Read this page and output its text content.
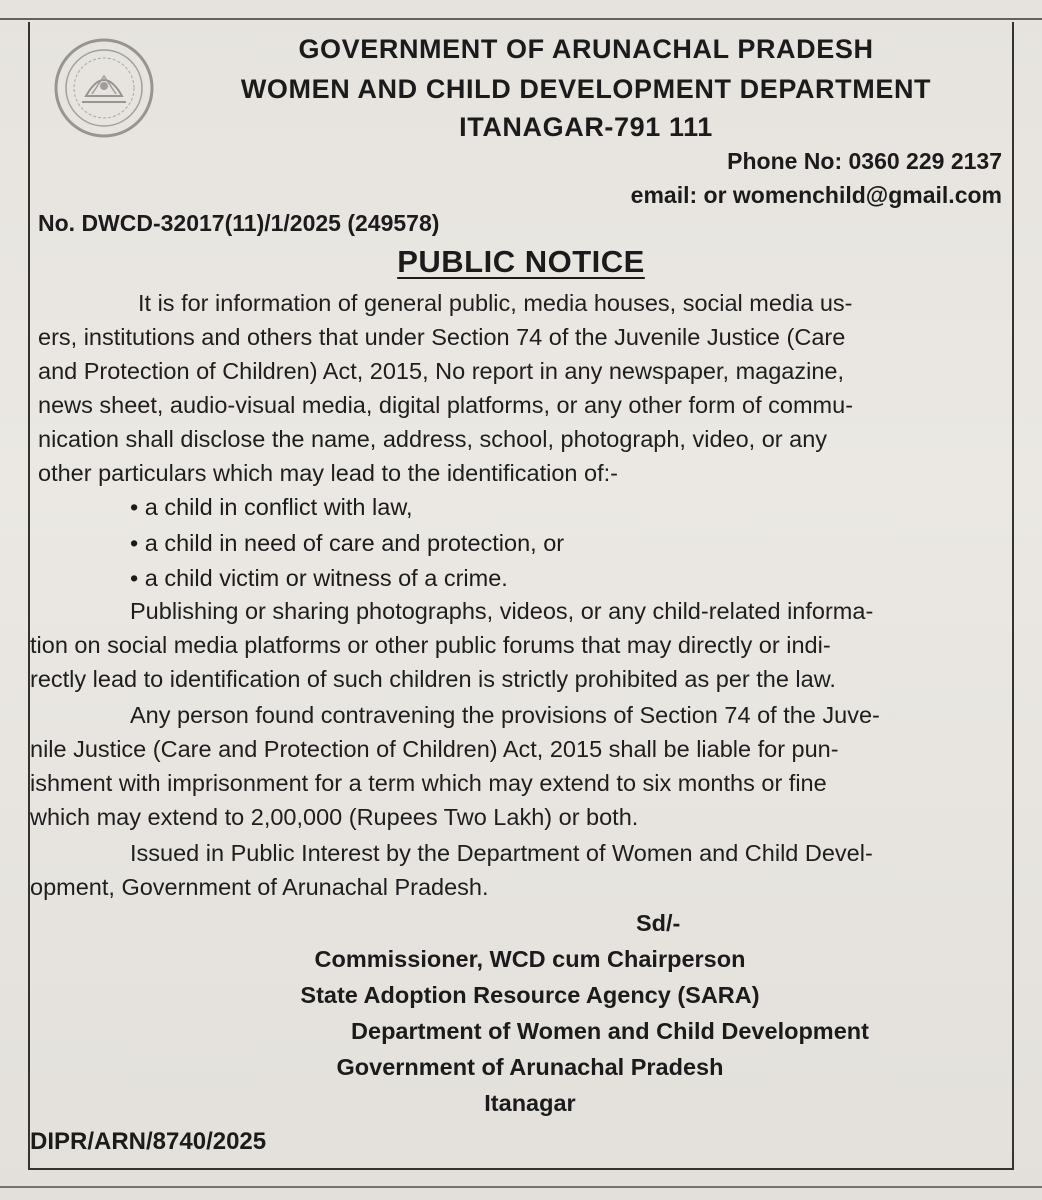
GOVERNMENT OF ARUNACHAL PRADESH
WOMEN AND CHILD DEVELOPMENT DEPARTMENT
ITANAGAR-791 111
Phone No: 0360 229 2137
email: or womenchild@gmail.com
No. DWCD-32017(11)/1/2025 (249578)
PUBLIC NOTICE
It is for information of general public, media houses, social media us-
ers, institutions and others that under Section 74 of the Juvenile Justice (Care
and Protection of Children) Act, 2015, No report in any newspaper, magazine,
news sheet, audio-visual media, digital platforms, or any other form of commu-
nication shall disclose the name, address, school, photograph, video, or any
other particulars which may lead to the identification of:-
• a child in conflict with law,
• a child in need of care and protection, or
• a child victim or witness of a crime.
Publishing or sharing photographs, videos, or any child-related informa-
tion on social media platforms or other public forums that may directly or indi-
rectly lead to identification of such children is strictly prohibited as per the law.
Any person found contravening the provisions of Section 74 of the Juve-
nile Justice (Care and Protection of Children) Act, 2015 shall be liable for pun-
ishment with imprisonment for a term which may extend to six months or fine
which may extend to 2,00,000 (Rupees Two Lakh) or both.
Issued in Public Interest by the Department of Women and Child Devel-
opment, Government of Arunachal Pradesh.
Sd/-
Commissioner, WCD cum Chairperson
State Adoption Resource Agency (SARA)
Department of Women and Child Development
Government of Arunachal Pradesh
Itanagar
DIPR/ARN/8740/2025
